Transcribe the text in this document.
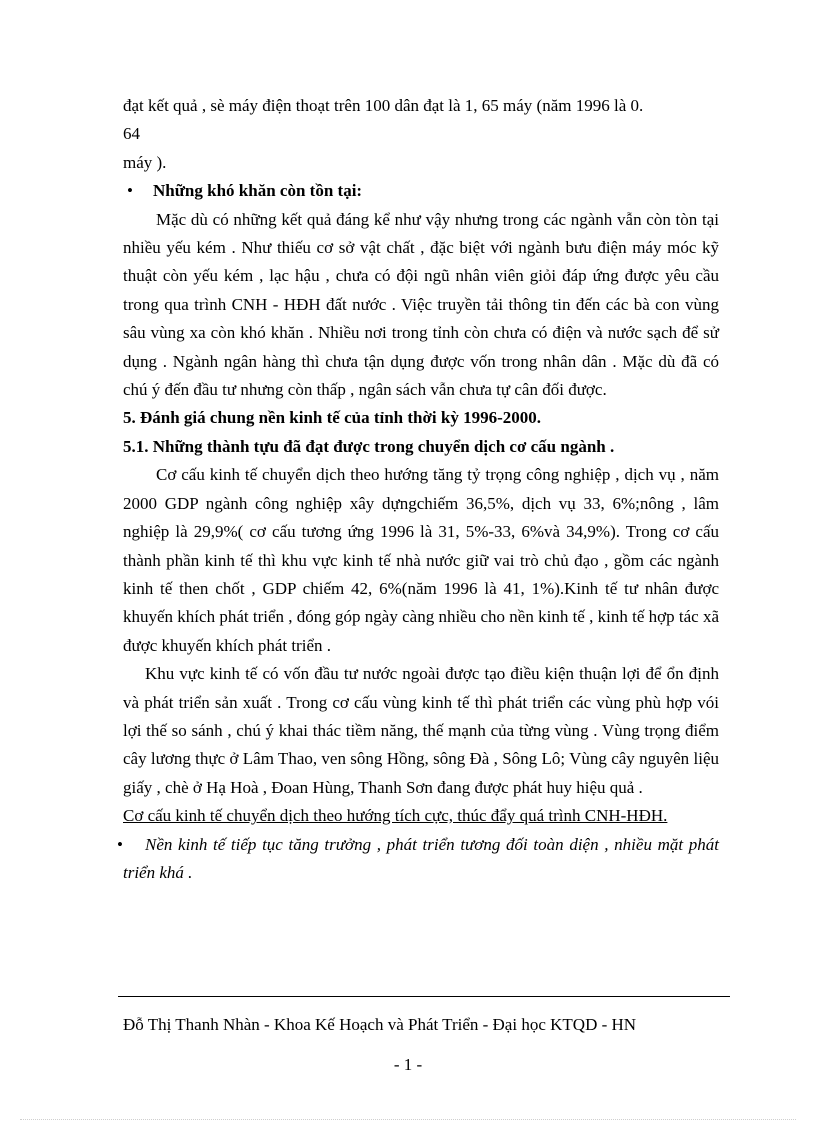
đạt kết quả , sè máy điện thoạt trên 100 dân đạt là 1, 65 máy (năm 1996 là 0.

64

máy ).

• Những khó khăn còn tồn tại:

Mặc dù có những kết quả đáng kể như vậy nhưng trong các ngành vẫn còn tòn tại nhiều yếu kém . Như thiếu cơ sở vật chất , đặc biệt với ngành bưu điện máy móc kỹ thuật còn yếu kém , lạc hậu , chưa có đội ngũ nhân viên giỏi đáp ứng được yêu cầu trong qua trình CNH - HĐH đất nước . Việc truyền tải thông tin đến các bà con vùng sâu vùng xa còn khó khăn . Nhiều nơi trong tỉnh còn chưa có điện và nước sạch để sử dụng . Ngành ngân hàng thì chưa tận dụng được vốn trong nhân dân . Mặc dù đã có chú ý đến đầu tư nhưng còn thấp , ngân sách vẫn chưa tự cân đối được.

5. Đánh giá chung nền kinh tế của tỉnh thời kỳ 1996-2000.

5.1. Những thành tựu đã đạt được trong chuyển dịch cơ cấu ngành .

Cơ cấu kinh tế chuyển dịch theo hướng tăng tỷ trọng công nghiệp , dịch vụ , năm 2000 GDP ngành công nghiệp xây dựngchiếm 36,5%, dịch vụ 33, 6%;nông , lâm nghiệp là 29,9%( cơ cấu tương ứng 1996 là 31, 5%-33, 6%và 34,9%). Trong cơ cấu thành phần kinh tế thì khu vực kinh tế nhà nước giữ vai trò chủ đạo , gồm các ngành kinh tế then chốt , GDP chiếm 42, 6%(năm 1996 là 41, 1%).Kinh tế tư nhân được khuyến khích phát triển , đóng góp ngày càng nhiều cho nền kinh tế , kinh tế hợp tác xã được khuyến khích phát triển .

Khu vực kinh tế có vốn đầu tư nước ngoài được tạo điều kiện thuận lợi để ổn định và phát triển sản xuất . Trong cơ cấu vùng kinh tế thì phát triển các vùng phù hợp vói lợi thế so sánh , chú ý khai thác tiềm năng, thế mạnh của từng vùng . Vùng trọng điểm cây lương thực ở Lâm Thao, ven sông Hồng, sông Đà , Sông Lô; Vùng cây nguyên liệu giấy , chè ở Hạ Hoà , Đoan Hùng, Thanh Sơn đang được phát huy hiệu quả .

Cơ cấu kinh tế chuyển dịch theo hướng tích cực, thúc đẩy quá trình CNH-HĐH.

• Nền kinh tế tiếp tục tăng trưởng , phát triển tương đối toàn diện , nhiều mặt phát triển khá .

Đỗ Thị Thanh Nhàn - Khoa Kế Hoạch và Phát Triển - Đại học KTQD - HN
- 1 -
